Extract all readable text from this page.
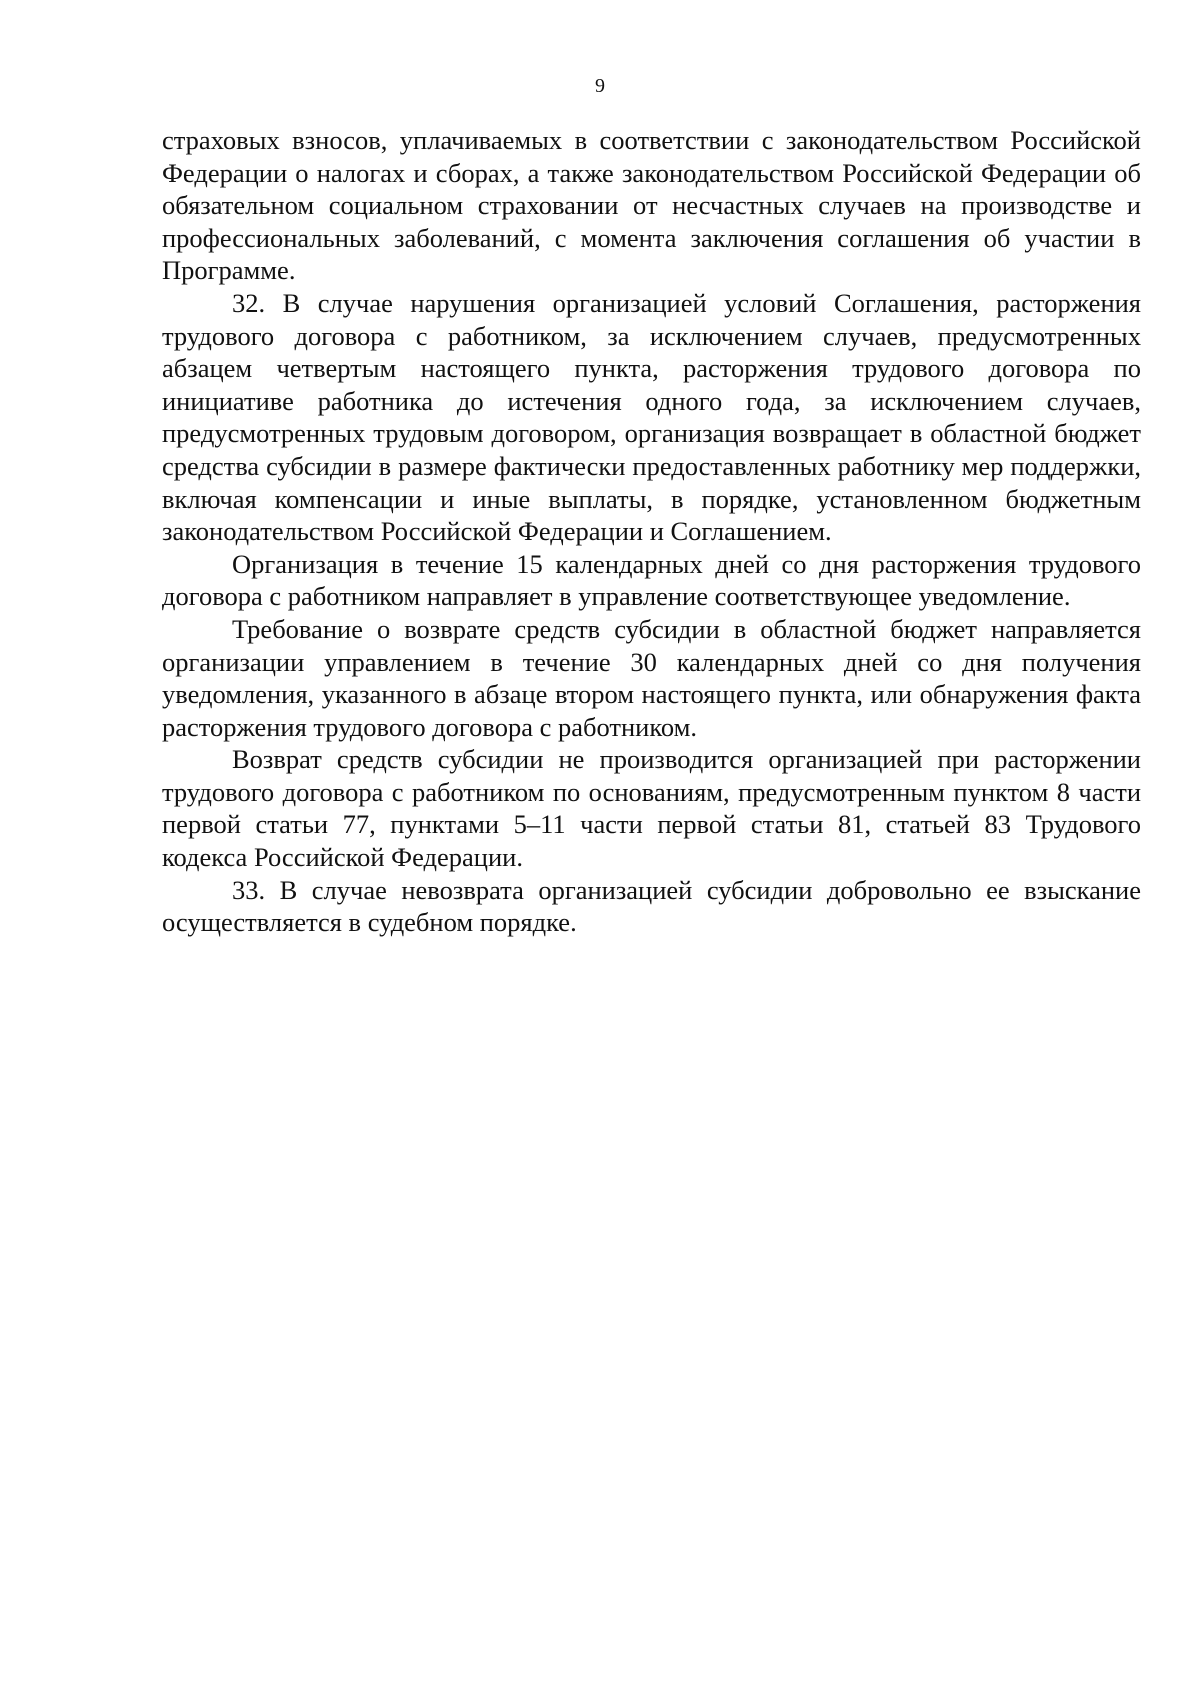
9

страховых взносов, уплачиваемых в соответствии с законодательством Российской Федерации о налогах и сборах, а также законодательством Российской Федерации об обязательном социальном страховании от несчастных случаев на производстве и профессиональных заболеваний, с момента заключения соглашения об участии в Программе.

32. В случае нарушения организацией условий Соглашения, расторжения трудового договора с работником, за исключением случаев, предусмотренных абзацем четвертым настоящего пункта, расторжения трудового договора по инициативе работника до истечения одного года, за исключением случаев, предусмотренных трудовым договором, организация возвращает в областной бюджет средства субсидии в размере фактически предоставленных работнику мер поддержки, включая компенсации и иные выплаты, в порядке, установленном бюджетным законодательством Российской Федерации и Соглашением.

Организация в течение 15 календарных дней со дня расторжения трудового договора с работником направляет в управление соответствующее уведомление.

Требование о возврате средств субсидии в областной бюджет направляется организации управлением в течение 30 календарных дней со дня получения уведомления, указанного в абзаце втором настоящего пункта, или обнаружения факта расторжения трудового договора с работником.

Возврат средств субсидии не производится организацией при расторжении трудового договора с работником по основаниям, предусмотренным пунктом 8 части первой статьи 77, пунктами 5–11 части первой статьи 81, статьей 83 Трудового кодекса Российской Федерации.

33. В случае невозврата организацией субсидии добровольно ее взыскание осуществляется в судебном порядке.
